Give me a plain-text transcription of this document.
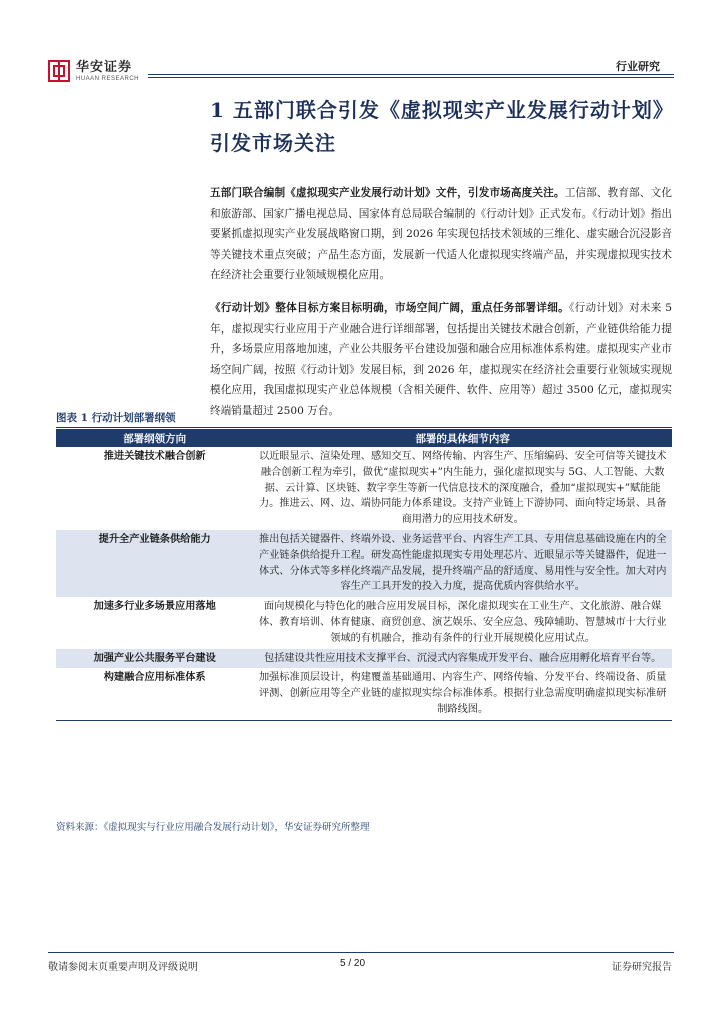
华安证券
HUAAN RESEARCH
行业研究
1 五部门联合引发《虚拟现实产业发展行动计划》
引发市场关注
五部门联合编制《虚拟现实产业发展行动计划》文件，引发市场高度关注。工信部、教育部、文化和旅游部、国家广播电视总局、国家体育总局联合编制的《行动计划》正式发布。《行动计划》指出要紧抓虚拟现实产业发展战略窗口期，到 2026 年实现包括技术领域的三维化、虚实融合沉浸影音等关键技术重点突破；产品生态方面，发展新一代适人化虚拟现实终端产品，并实现虚拟现实技术在经济社会重要行业领域规模化应用。
《行动计划》整体目标方案目标明确，市场空间广阔，重点任务部署详细。《行动计划》对未来 5 年，虚拟现实行业应用于产业融合进行详细部署，包括提出关键技术融合创新，产业链供给能力提升，多场景应用落地加速，产业公共服务平台建设加强和融合应用标准体系构建。虚拟现实产业市场空间广阔，按照《行动计划》发展目标，到 2026 年，虚拟现实在经济社会重要行业领域实现规模化应用，我国虚拟现实产业总体规模（含相关硬件、软件、应用等）超过 3500 亿元，虚拟现实终端销量超过 2500 万台。
图表 1 行动计划部署纲领
部署纲领方向	部署的具体细节内容
推进关键技术融合创新	以近眼显示、渲染处理、感知交互、网络传输、内容生产、压缩编码、安全可信等关键技术融合创新工程为牵引，做优“虚拟现实+”内生能力，强化虚拟现实与 5G、人工智能、大数据、云计算、区块链、数字孪生等新一代信息技术的深度融合，叠加“虚拟现实+”赋能能力。推进云、网、边、端协同能力体系建设。支持产业链上下游协同、面向特定场景、具备商用潜力的应用技术研发。
提升全产业链条供给能力	推出包括关键器件、终端外设、业务运营平台、内容生产工具、专用信息基础设施在内的全产业链条供给提升工程。研发高性能虚拟现实专用处理芯片、近眼显示等关键器件，促进一体式、分体式等多样化终端产品发展，提升终端产品的舒适度、易用性与安全性。加大对内容生产工具开发的投入力度，提高优质内容供给水平。
加速多行业多场景应用落地	面向规模化与特色化的融合应用发展目标，深化虚拟现实在工业生产、文化旅游、融合媒体、教育培训、体育健康、商贸创意、演艺娱乐、安全应急、残障辅助、智慧城市十大行业领域的有机融合，推动有条件的行业开展规模化应用试点。
加强产业公共服务平台建设	包括建设共性应用技术支撑平台、沉浸式内容集成开发平台、融合应用孵化培育平台等。
构建融合应用标准体系	加强标准顶层设计，构建覆盖基础通用、内容生产、网络传输、分发平台、终端设备、质量评测、创新应用等全产业链的虚拟现实综合标准体系。根据行业急需度明确虚拟现实标准研制路线图。
资料来源：《虚拟现实与行业应用融合发展行动计划》，华安证券研究所整理
敬请参阅末页重要声明及评级说明	5 / 20	证券研究报告
